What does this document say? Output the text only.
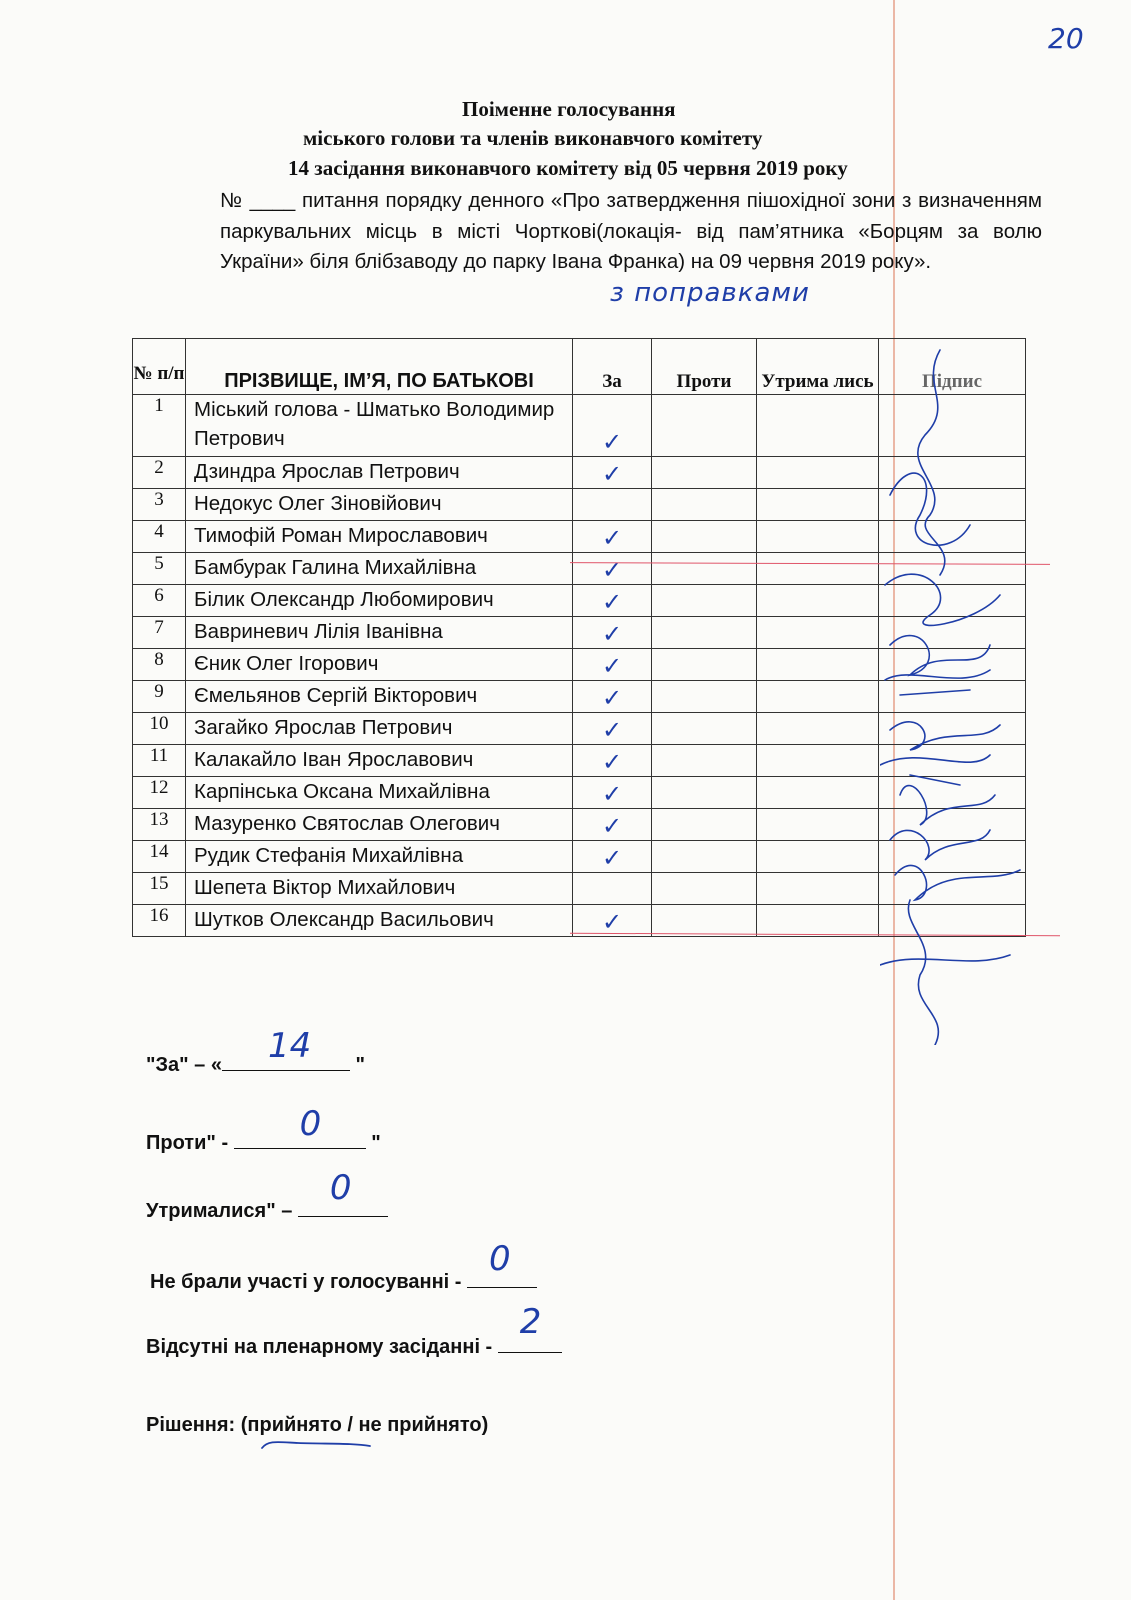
20
Поіменне голосування
міського голови та членів виконавчого комітету
14 засідання виконавчого комітету від 05 червня 2019 року
№ ____ питання порядку денного «Про затвердження пішохідної зони з визначенням паркувальних місць в місті Чорткові(локація- від пам’ятника «Борцям за волю України» біля блібзаводу до парку Івана Франка) на 09 червня 2019 року».
з поправками
№ п/п	ПРІЗВИЩЕ, ІМ’Я, ПО БАТЬКОВІ	За	Проти	Утрима лись	Підпис
1	Міський голова - Шматько Володимир Петрович	✓			
2	Дзиндра Ярослав Петрович	✓			
3	Недокус Олег Зіновійович				
4	Тимофій Роман Мирославович	✓			
5	Бамбурак Галина Михайлівна	✓			
6	Білик Олександр Любомирович	✓			
7	Вавриневич Лілія Іванівна	✓			
8	Єник Олег Ігорович	✓			
9	Ємельянов Сергій Вікторович	✓			
10	Загайко Ярослав Петрович	✓			
11	Калакайло Іван Ярославович	✓			
12	Карпінська Оксана Михайлівна	✓			
13	Мазуренко Святослав Олегович	✓			
14	Рудик Стефанія Михайлівна	✓			
15	Шепета Віктор Михайлович				
16	Шутков Олександр Васильович	✓			
"За" – « 14 "
Проти" - 0 "
Утрималися" –
0
Не брали участі у голосуванні -
0
Відсутні на пленарному засіданні -
2
Рішення: (прийнято / не прийнято)
